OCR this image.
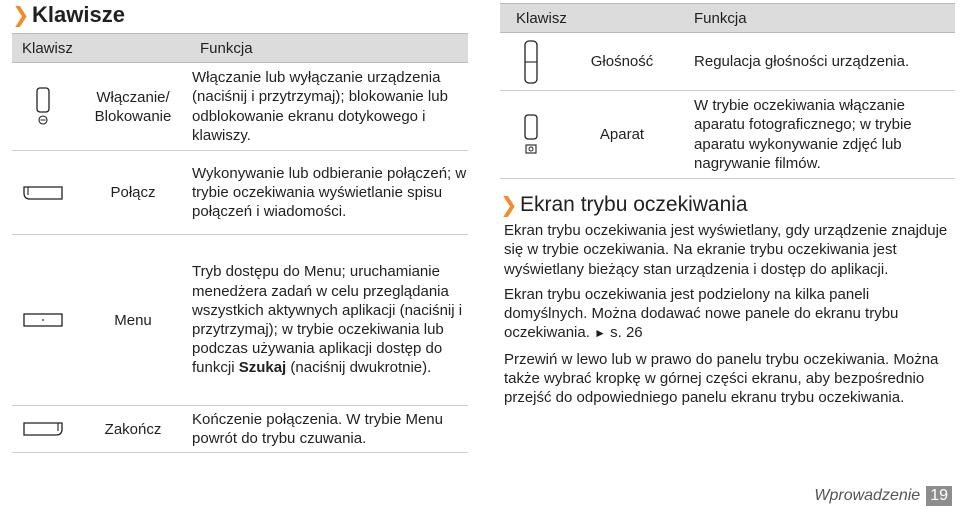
❯ Klawisze
Klawisz		Funkcja

	Włączanie/ Blokowanie	Włączanie lub wyłączanie urządzenia (naciśnij i przytrzymaj); blokowanie lub odblokowanie ekranu dotykowego i klawiszy.

	Połącz	Wykonywanie lub odbieranie połączeń; w trybie oczekiwania wyświetlanie spisu połączeń i wiadomości.

	Menu	Tryb dostępu do Menu; uruchamianie menedżera zadań w celu przeglądania wszystkich aktywnych aplikacji (naciśnij i przytrzymaj); w trybie oczekiwania lub podczas używania aplikacji dostęp do funkcji Szukaj (naciśnij dwukrotnie).

	Zakończ	Kończenie połączenia. W trybie Menu powrót do trybu czuwania.
Klawisz		Funkcja

	Głośność	Regulacja głośności urządzenia.

	Aparat	W trybie oczekiwania włączanie aparatu fotograficznego; w trybie aparatu wykonywanie zdjęć lub nagrywanie filmów.
❯ Ekran trybu oczekiwania

Ekran trybu oczekiwania jest wyświetlany, gdy urządzenie znajduje się w trybie oczekiwania. Na ekranie trybu oczekiwania jest wyświetlany bieżący stan urządzenia i dostęp do aplikacji.

Ekran trybu oczekiwania jest podzielony na kilka paneli domyślnych. Można dodawać nowe panele do ekranu trybu oczekiwania. ► s. 26

Przewiń w lewo lub w prawo do panelu trybu oczekiwania. Można także wybrać kropkę w górnej części ekranu, aby bezpośrednio przejść do odpowiedniego panelu ekranu trybu oczekiwania.

Wprowadzenie 19
